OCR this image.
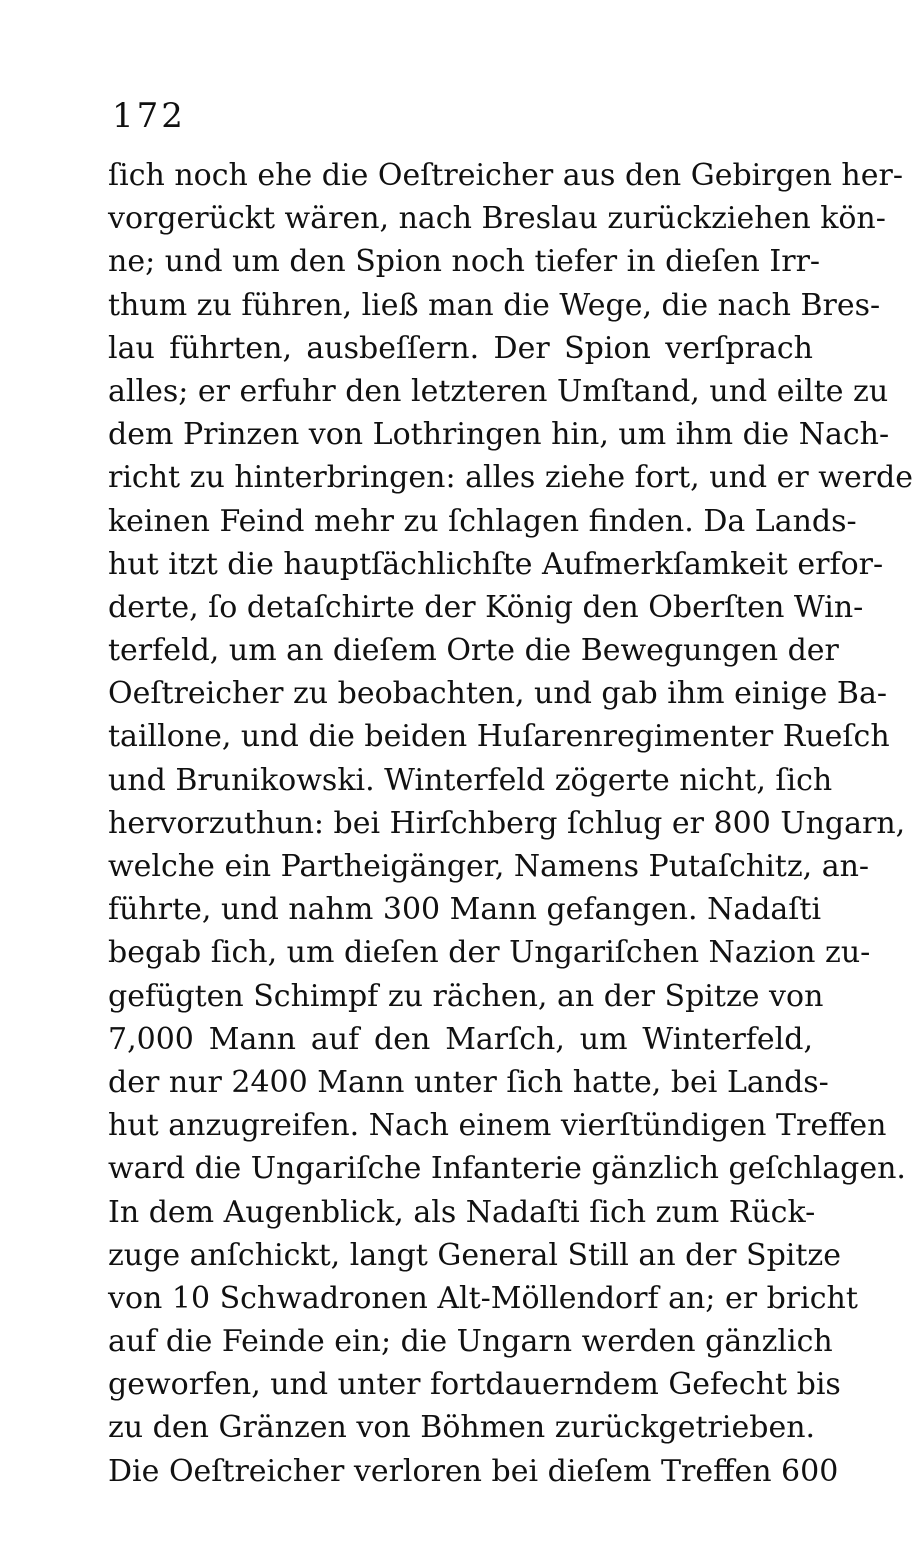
172
ſich noch ehe die Oeſtreicher aus den Gebirgen her-
vorgerückt wären, nach Breslau zurückziehen kön-
ne; und um den Spion noch tiefer in dieſen Irr-
thum zu führen, ließ man die Wege, die nach Bres-
lau führten, ausbeſſern. Der Spion verſprach
alles; er erfuhr den letzteren Umſtand, und eilte zu
dem Prinzen von Lothringen hin, um ihm die Nach-
richt zu hinterbringen: alles ziehe fort, und er werde
keinen Feind mehr zu ſchlagen finden. Da Lands-
hut itzt die hauptſächlichſte Aufmerkſamkeit erfor-
derte, ſo detaſchirte der König den Oberſten Win-
terfeld, um an dieſem Orte die Bewegungen der
Oeſtreicher zu beobachten, und gab ihm einige Ba-
taillone, und die beiden Huſarenregimenter Rueſch
und Brunikowski. Winterfeld zögerte nicht, ſich
hervorzuthun: bei Hirſchberg ſchlug er 800 Ungarn,
welche ein Partheigänger, Namens Putaſchitz, an-
führte, und nahm 300 Mann gefangen. Nadaſti
begab ſich, um dieſen der Ungariſchen Nazion zu-
gefügten Schimpf zu rächen, an der Spitze von
7,000 Mann auf den Marſch, um Winterfeld,
der nur 2400 Mann unter ſich hatte, bei Lands-
hut anzugreifen. Nach einem vierſtündigen Treffen
ward die Ungariſche Infanterie gänzlich geſchlagen.
In dem Augenblick, als Nadaſti ſich zum Rück-
zuge anſchickt, langt General Still an der Spitze
von 10 Schwadronen Alt-Möllendorf an; er bricht
auf die Feinde ein; die Ungarn werden gänzlich
geworfen, und unter fortdauerndem Gefecht bis
zu den Gränzen von Böhmen zurückgetrieben.
Die Oeſtreicher verloren bei dieſem Treffen 600
